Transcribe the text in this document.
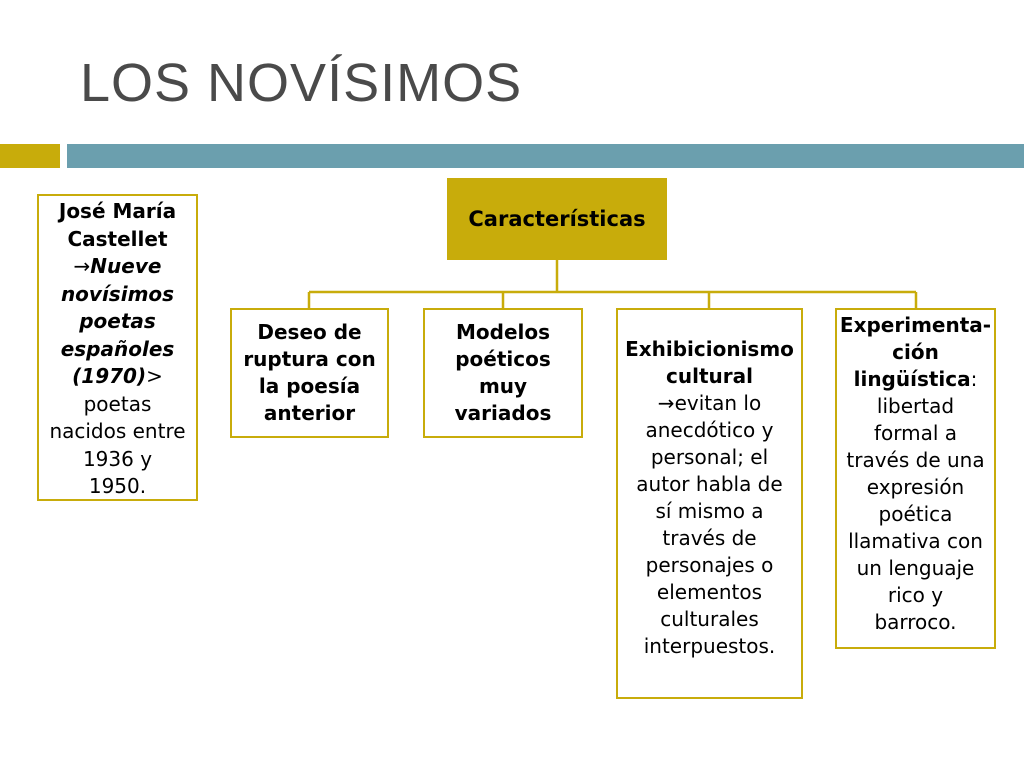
LOS NOVÍSIMOS
José María
Castellet
→Nueve
novísimos
poetas
españoles
(1970)>
poetas
nacidos entre
1936 y
1950.
Características
Deseo de
ruptura con
la poesía
anterior
Modelos
poéticos
muy
variados
Exhibicionismo
cultural
→evitan lo
anecdótico y
personal; el
autor habla de
sí mismo a
través de
personajes o
elementos
culturales
interpuestos.
Experimenta-
ción
lingüística:
libertad
formal a
través de una
expresión
poética
llamativa con
un lenguaje
rico y
barroco.
